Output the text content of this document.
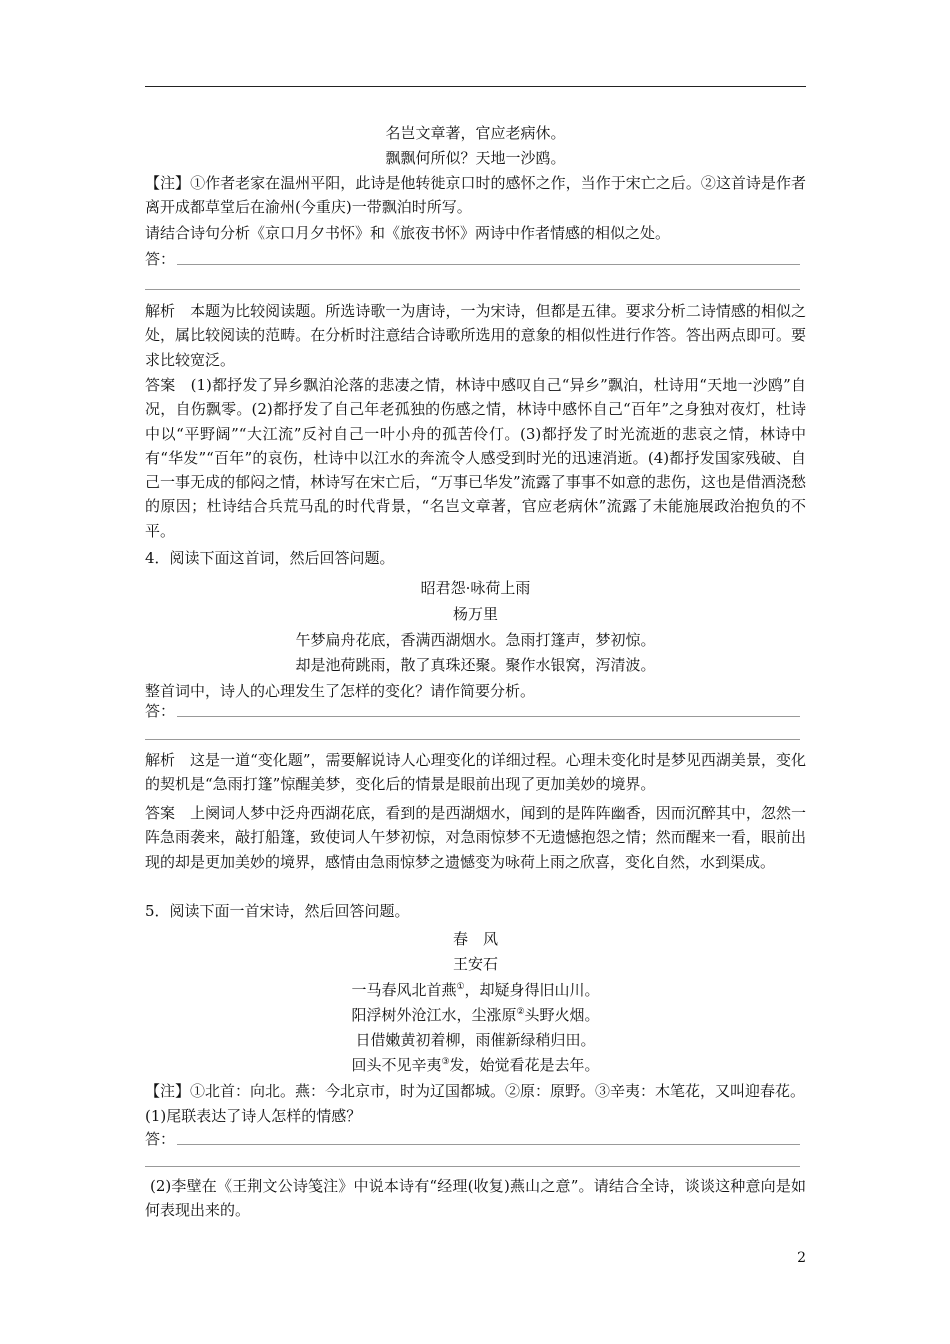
名岂文章著，官应老病休。
飘飘何所似？天地一沙鸥。
【注】①作者老家在温州平阳，此诗是他转徙京口时的感怀之作，当作于宋亡之后。②这首诗是作者离开成都草堂后在渝州(今重庆)一带飘泊时所写。
请结合诗句分析《京口月夕书怀》和《旅夜书怀》两诗中作者情感的相似之处。
答：
解析　本题为比较阅读题。所选诗歌一为唐诗，一为宋诗，但都是五律。要求分析二诗情感的相似之处，属比较阅读的范畴。在分析时注意结合诗歌所选用的意象的相似性进行作答。答出两点即可。要求比较宽泛。
答案　(1)都抒发了异乡飘泊沦落的悲凄之情，林诗中感叹自己“异乡”飘泊，杜诗用“天地一沙鸥”自况，自伤飘零。(2)都抒发了自己年老孤独的伤感之情，林诗中感怀自己“百年”之身独对夜灯，杜诗中以“平野阔”“大江流”反衬自己一叶小舟的孤苦伶仃。(3)都抒发了时光流逝的悲哀之情，林诗中有“华发”“百年”的哀伤，杜诗中以江水的奔流令人感受到时光的迅速消逝。(4)都抒发国家残破、自己一事无成的郁闷之情，林诗写在宋亡后，“万事已华发”流露了事事不如意的悲伤，这也是借酒浇愁的原因；杜诗结合兵荒马乱的时代背景，“名岂文章著，官应老病休”流露了未能施展政治抱负的不平。
4．阅读下面这首词，然后回答问题。
昭君怨·咏荷上雨
杨万里
午梦扁舟花底，香满西湖烟水。急雨打篷声，梦初惊。
却是池荷跳雨，散了真珠还聚。聚作水银窝，泻清波。
整首词中，诗人的心理发生了怎样的变化？请作简要分析。
答：
解析　这是一道“变化题”，需要解说诗人心理变化的详细过程。心理未变化时是梦见西湖美景，变化的契机是“急雨打篷”惊醒美梦，变化后的情景是眼前出现了更加美妙的境界。
答案　上阕词人梦中泛舟西湖花底，看到的是西湖烟水，闻到的是阵阵幽香，因而沉醉其中，忽然一阵急雨袭来，敲打船篷，致使词人午梦初惊，对急雨惊梦不无遗憾抱怨之情；然而醒来一看，眼前出现的却是更加美妙的境界，感情由急雨惊梦之遗憾变为咏荷上雨之欣喜，变化自然，水到渠成。
5．阅读下面一首宋诗，然后回答问题。
春　风
王安石
一马春风北首燕①，却疑身得旧山川。
阳浮树外沧江水，尘涨原②头野火烟。
日借嫩黄初着柳，雨催新绿稍归田。
回头不见辛夷③发，始觉看花是去年。
【注】①北首：向北。燕：今北京市，时为辽国都城。②原：原野。③辛夷：木笔花，又叫迎春花。
(1)尾联表达了诗人怎样的情感？
答：
(2)李壁在《王荆文公诗笺注》中说本诗有“经理(收复)燕山之意”。请结合全诗，谈谈这种意向是如何表现出来的。
2
